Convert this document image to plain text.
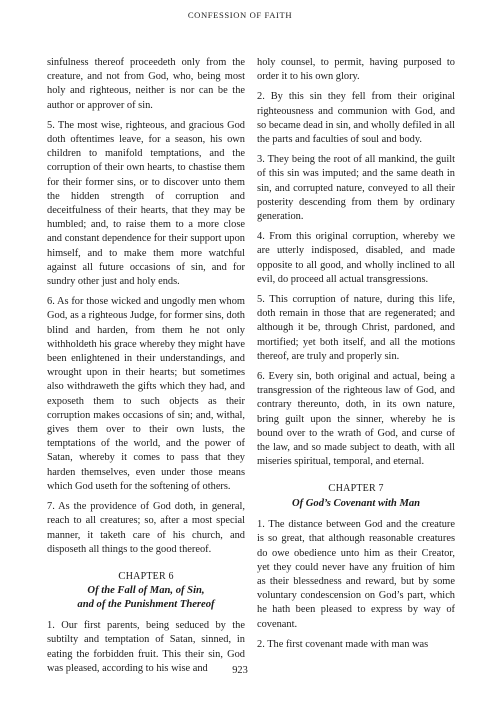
CONFESSION OF FAITH

sinfulness thereof proceedeth only from the creature, and not from God, who, being most holy and righteous, neither is nor can be the author or approver of sin.

5. The most wise, righteous, and gracious God doth oftentimes leave, for a season, his own children to manifold temptations, and the corruption of their own hearts, to chastise them for their former sins, or to discover unto them the hidden strength of corruption and deceitfulness of their hearts, that they may be humbled; and, to raise them to a more close and constant dependence for their support upon himself, and to make them more watchful against all future occasions of sin, and for sundry other just and holy ends.

6. As for those wicked and ungodly men whom God, as a righteous Judge, for former sins, doth blind and harden, from them he not only withholdeth his grace whereby they might have been enlightened in their understandings, and wrought upon in their hearts; but sometimes also withdraweth the gifts which they had, and exposeth them to such objects as their corruption makes occasions of sin; and, withal, gives them over to their own lusts, the temptations of the world, and the power of Satan, whereby it comes to pass that they harden themselves, even under those means which God useth for the softening of others.

7. As the providence of God doth, in general, reach to all creatures; so, after a most special manner, it taketh care of his church, and disposeth all things to the good thereof.

CHAPTER 6
Of the Fall of Man, of Sin,
and of the Punishment Thereof

1. Our first parents, being seduced by the subtilty and temptation of Satan, sinned, in eating the forbidden fruit. This their sin, God was pleased, according to his wise and

holy counsel, to permit, having purposed to order it to his own glory.

2. By this sin they fell from their original righteousness and communion with God, and so became dead in sin, and wholly defiled in all the parts and faculties of soul and body.

3. They being the root of all mankind, the guilt of this sin was imputed; and the same death in sin, and corrupted nature, conveyed to all their posterity descending from them by ordinary generation.

4. From this original corruption, whereby we are utterly indisposed, disabled, and made opposite to all good, and wholly inclined to all evil, do proceed all actual transgressions.

5. This corruption of nature, during this life, doth remain in those that are regenerated; and although it be, through Christ, pardoned, and mortified; yet both itself, and all the motions thereof, are truly and properly sin.

6. Every sin, both original and actual, being a transgression of the righteous law of God, and contrary thereunto, doth, in its own nature, bring guilt upon the sinner, whereby he is bound over to the wrath of God, and curse of the law, and so made subject to death, with all miseries spiritual, temporal, and eternal.

CHAPTER 7
Of God’s Covenant with Man

1. The distance between God and the creature is so great, that although reasonable creatures do owe obedience unto him as their Creator, yet they could never have any fruition of him as their blessedness and reward, but by some voluntary condescension on God’s part, which he hath been pleased to express by way of covenant.

2. The first covenant made with man was

923
